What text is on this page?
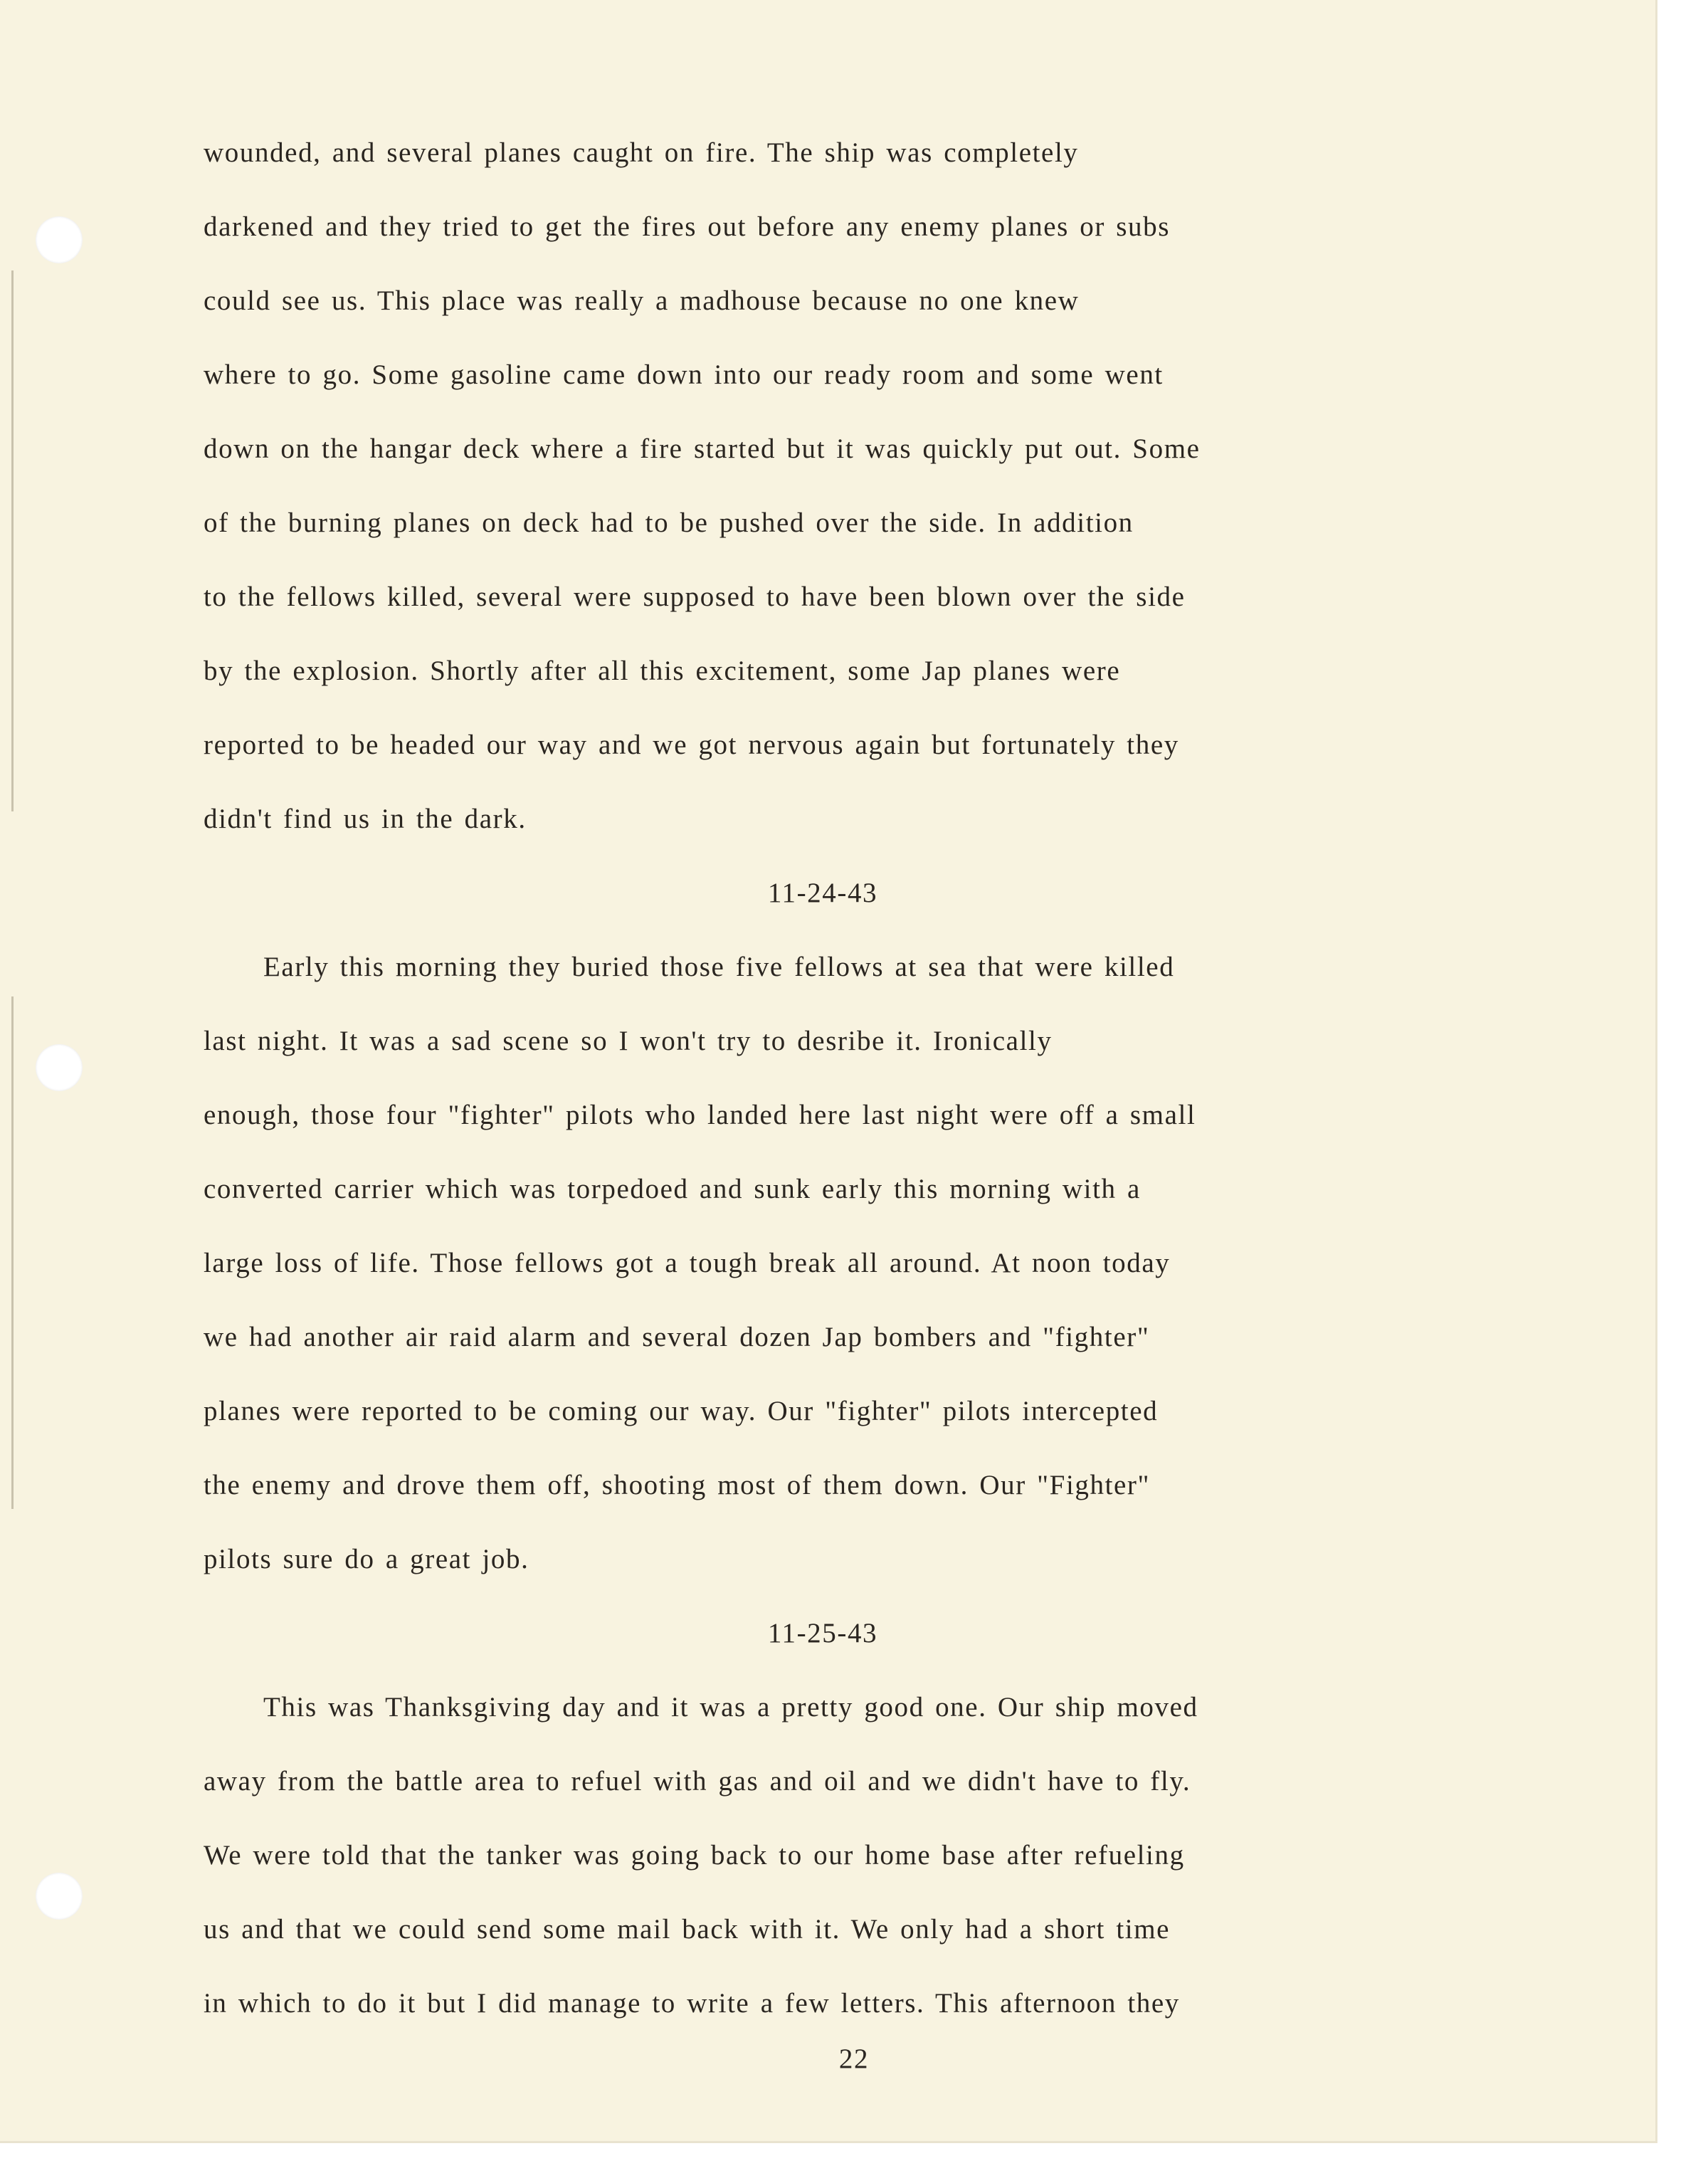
wounded, and several planes caught on fire. The ship was completely
darkened and they tried to get the fires out before any enemy planes or subs
could see us. This place was really a madhouse because no one knew
where to go. Some gasoline came down into our ready room and some went
down on the hangar deck where a fire started but it was quickly put out. Some
of the burning planes on deck had to be pushed over the side. In addition
to the fellows killed, several were supposed to have been blown over the side
by the explosion. Shortly after all this excitement, some Jap planes were
reported to be headed our way and we got nervous again but fortunately they
didn't find us in the dark.
11-24-43
Early this morning they buried those five fellows at sea that were killed
last night. It was a sad scene so I won't try to desribe it. Ironically
enough, those four "fighter" pilots who landed here last night were off a small
converted carrier which was torpedoed and sunk early this morning with a
large loss of life. Those fellows got a tough break all around. At noon today
we had another air raid alarm and several dozen Jap bombers and "fighter"
planes were reported to be coming our way. Our "fighter" pilots intercepted
the enemy and drove them off, shooting most of them down. Our "Fighter"
pilots sure do a great job.
11-25-43
This was Thanksgiving day and it was a pretty good one. Our ship moved
away from the battle area to refuel with gas and oil and we didn't have to fly.
We were told that the tanker was going back to our home base after refueling
us and that we could send some mail back with it. We only had a short time
in which to do it but I did manage to write a few letters. This afternoon they
22
